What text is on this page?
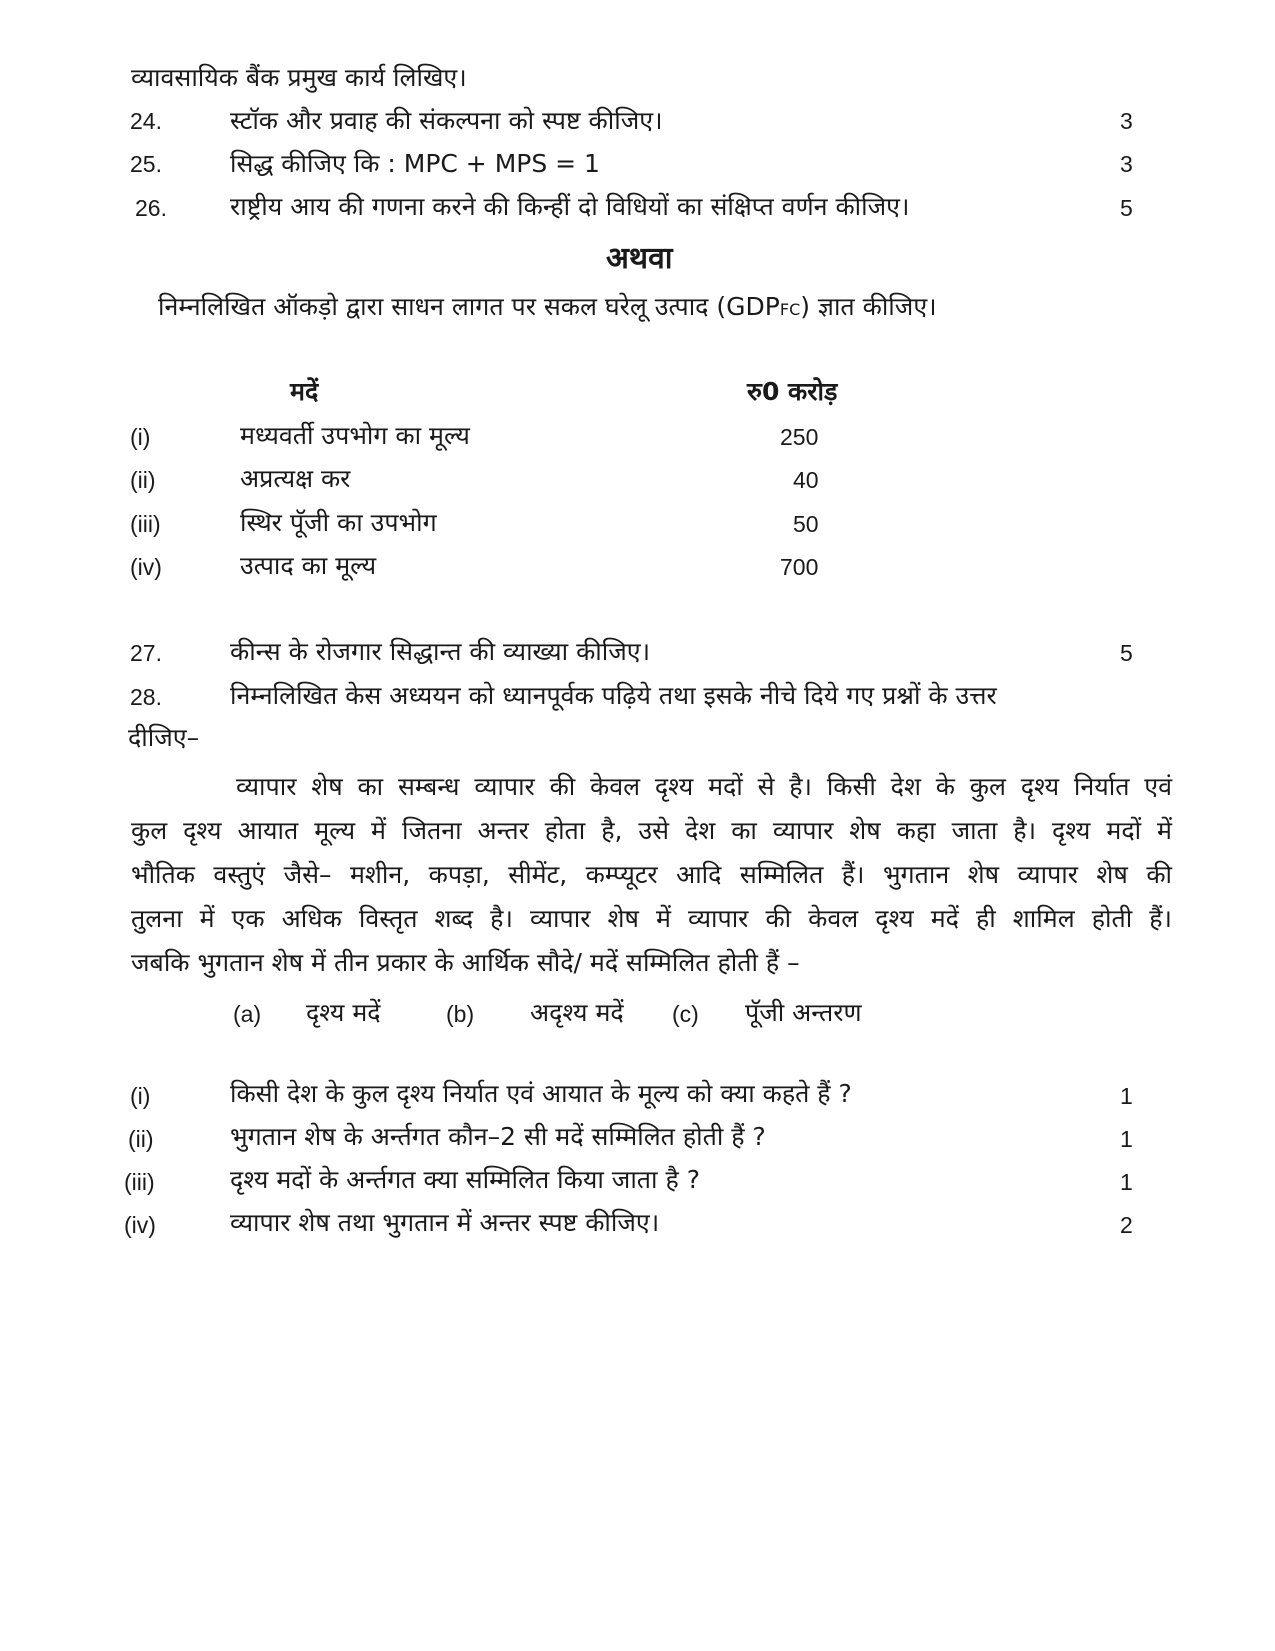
व्यावसायिक बैंक प्रमुख कार्य लिखिए।
24.	स्टॉक और प्रवाह की संकल्पना को स्पष्ट कीजिए।	3
25.	सिद्ध कीजिए कि : MPC + MPS = 1	3
26.	राष्ट्रीय आय की गणना करने की किन्हीं दो विधियों का संक्षिप्त वर्णन कीजिए।	5
अथवा
निम्नलिखित ऑकड़ो द्वारा साधन लागत पर सकल घरेलू उत्पाद (GDPFC) ज्ञात कीजिए।
मदें	रु0 करोड़
(i)	मध्यवर्ती उपभोग का मूल्य	250
(ii)	अप्रत्यक्ष कर	40
(iii)	स्थिर पूॅजी का उपभोग	50
(iv)	उत्पाद का मूल्य	700
27.	कीन्स के रोजगार सिद्धान्त की व्याख्या कीजिए।	5
28.	निम्नलिखित केस अध्ययन को ध्यानपूर्वक पढ़िये तथा इसके नीचे दिये गए प्रश्नों के उत्तर
दीजिए–
व्यापार शेष का सम्बन्ध व्यापार की केवल दृश्य मदों से है। किसी देश के कुल दृश्य निर्यात एवं
कुल दृश्य आयात मूल्य में जितना अन्तर होता है, उसे देश का व्यापार शेष कहा जाता है। दृश्य मदों में
भौतिक वस्तुएं जैसे– मशीन, कपड़ा, सीमेंट, कम्प्यूटर आदि सम्मिलित हैं। भुगतान शेष व्यापार शेष की
तुलना में एक अधिक विस्तृत शब्द है। व्यापार शेष में व्यापार की केवल दृश्य मदें ही शामिल होती हैं।
जबकि भुगतान शेष में तीन प्रकार के आर्थिक सौदे/ मदें सम्मिलित होती हैं –
(a) दृश्य मदें	(b) अदृश्य मदें (c) पूॅजी अन्तरण
(i)	किसी देश के कुल दृश्य निर्यात एवं आयात के मूल्य को क्या कहते हैं ?	1
(ii)	भुगतान शेष के अर्न्तगत कौन–2 सी मदें सम्मिलित होती हैं ?	1
(iii)	दृश्य मदों के अर्न्तगत क्या सम्मिलित किया जाता है ?	1
(iv)	व्यापार शेष तथा भुगतान में अन्तर स्पष्ट कीजिए।	2
